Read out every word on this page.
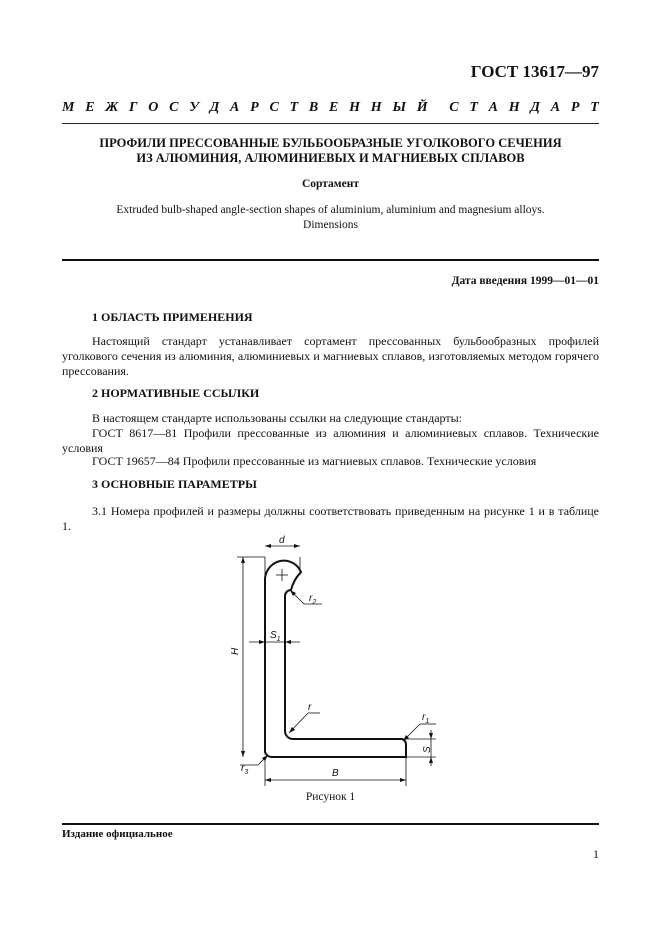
ГОСТ 13617—97
М Е Ж Г О С У Д А Р С Т В Е Н Н Ы Й С Т А Н Д А Р Т
ПРОФИЛИ ПРЕССОВАННЫЕ БУЛЬБООБРАЗНЫЕ УГОЛКОВОГО СЕЧЕНИЯ
ИЗ АЛЮМИНИЯ, АЛЮМИНИЕВЫХ И МАГНИЕВЫХ СПЛАВОВ
Сортамент
Extruded bulb-shaped angle-section shapes of aluminium, aluminium and magnesium alloys.
Dimensions
Дата введения 1999—01—01
1 ОБЛАСТЬ ПРИМЕНЕНИЯ
Настоящий стандарт устанавливает сортамент прессованных бульбообразных профилей уголкового сечения из алюминия, алюминиевых и магниевых сплавов, изготовляемых методом горячего прессования.
2 НОРМАТИВНЫЕ ССЫЛКИ
В настоящем стандарте использованы ссылки на следующие стандарты:
ГОСТ 8617—81 Профили прессованные из алюминия и алюминиевых сплавов. Технические условия
ГОСТ 19657—84 Профили прессованные из магниевых сплавов. Технические условия
3 ОСНОВНЫЕ ПАРАМЕТРЫ
3.1 Номера профилей и размеры должны соответствовать приведенным на рисунке 1 и в таблице 1.
d
$r_2$
$S_1$
H
r
$r_1$
S
$r_3$	B
Рисунок 1
Издание официальное
1
